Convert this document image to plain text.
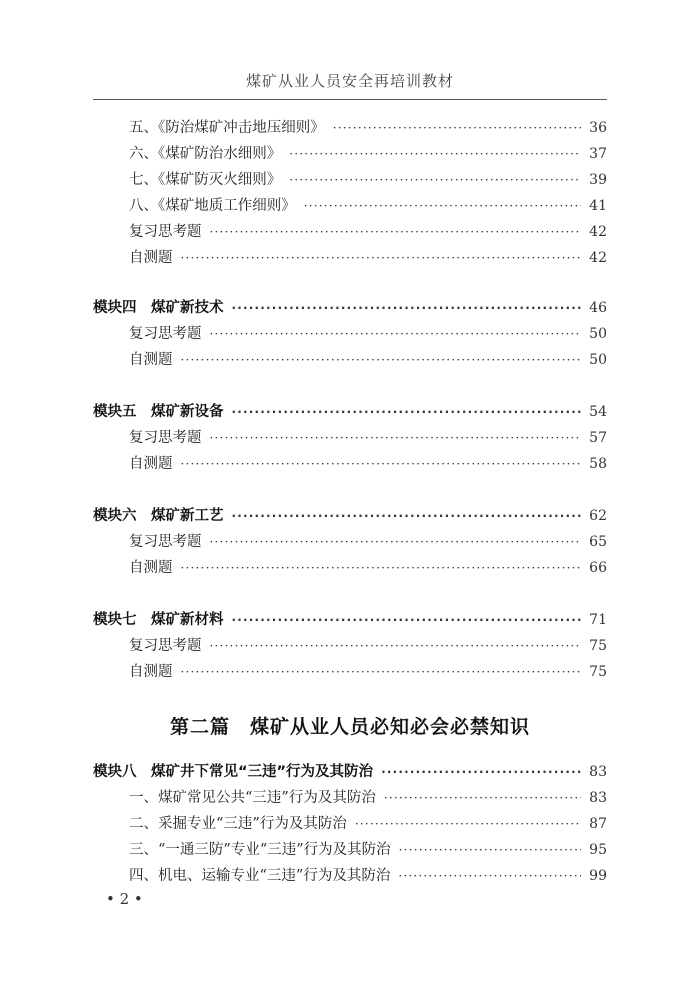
煤矿从业人员安全再培训教材
五、《防治煤矿冲击地压细则》 ·····	36
六、《煤矿防治水细则》 ·····	37
七、《煤矿防灭火细则》 ·····	39
八、《煤矿地质工作细则》 ·····	41
复习思考题 ·····	42
自测题 ·····	42
模块四　煤矿新技术 ·····	46
复习思考题 ·····	50
自测题 ·····	50
模块五　煤矿新设备 ·····	54
复习思考题 ·····	57
自测题 ·····	58
模块六　煤矿新工艺 ·····	62
复习思考题 ·····	65
自测题 ·····	66
模块七　煤矿新材料 ·····	71
复习思考题 ·····	75
自测题 ·····	75
模块八　煤矿井下常见“三违”行为及其防治 ·····	83
一、煤矿常见公共“三违”行为及其防治 ·····	83
二、采掘专业“三违”行为及其防治 ·····	87
三、“一通三防”专业“三违”行为及其防治 ·····	95
四、机电、运输专业“三违”行为及其防治 ·····	99
第二篇　煤矿从业人员必知必会必禁知识
• 2 •
